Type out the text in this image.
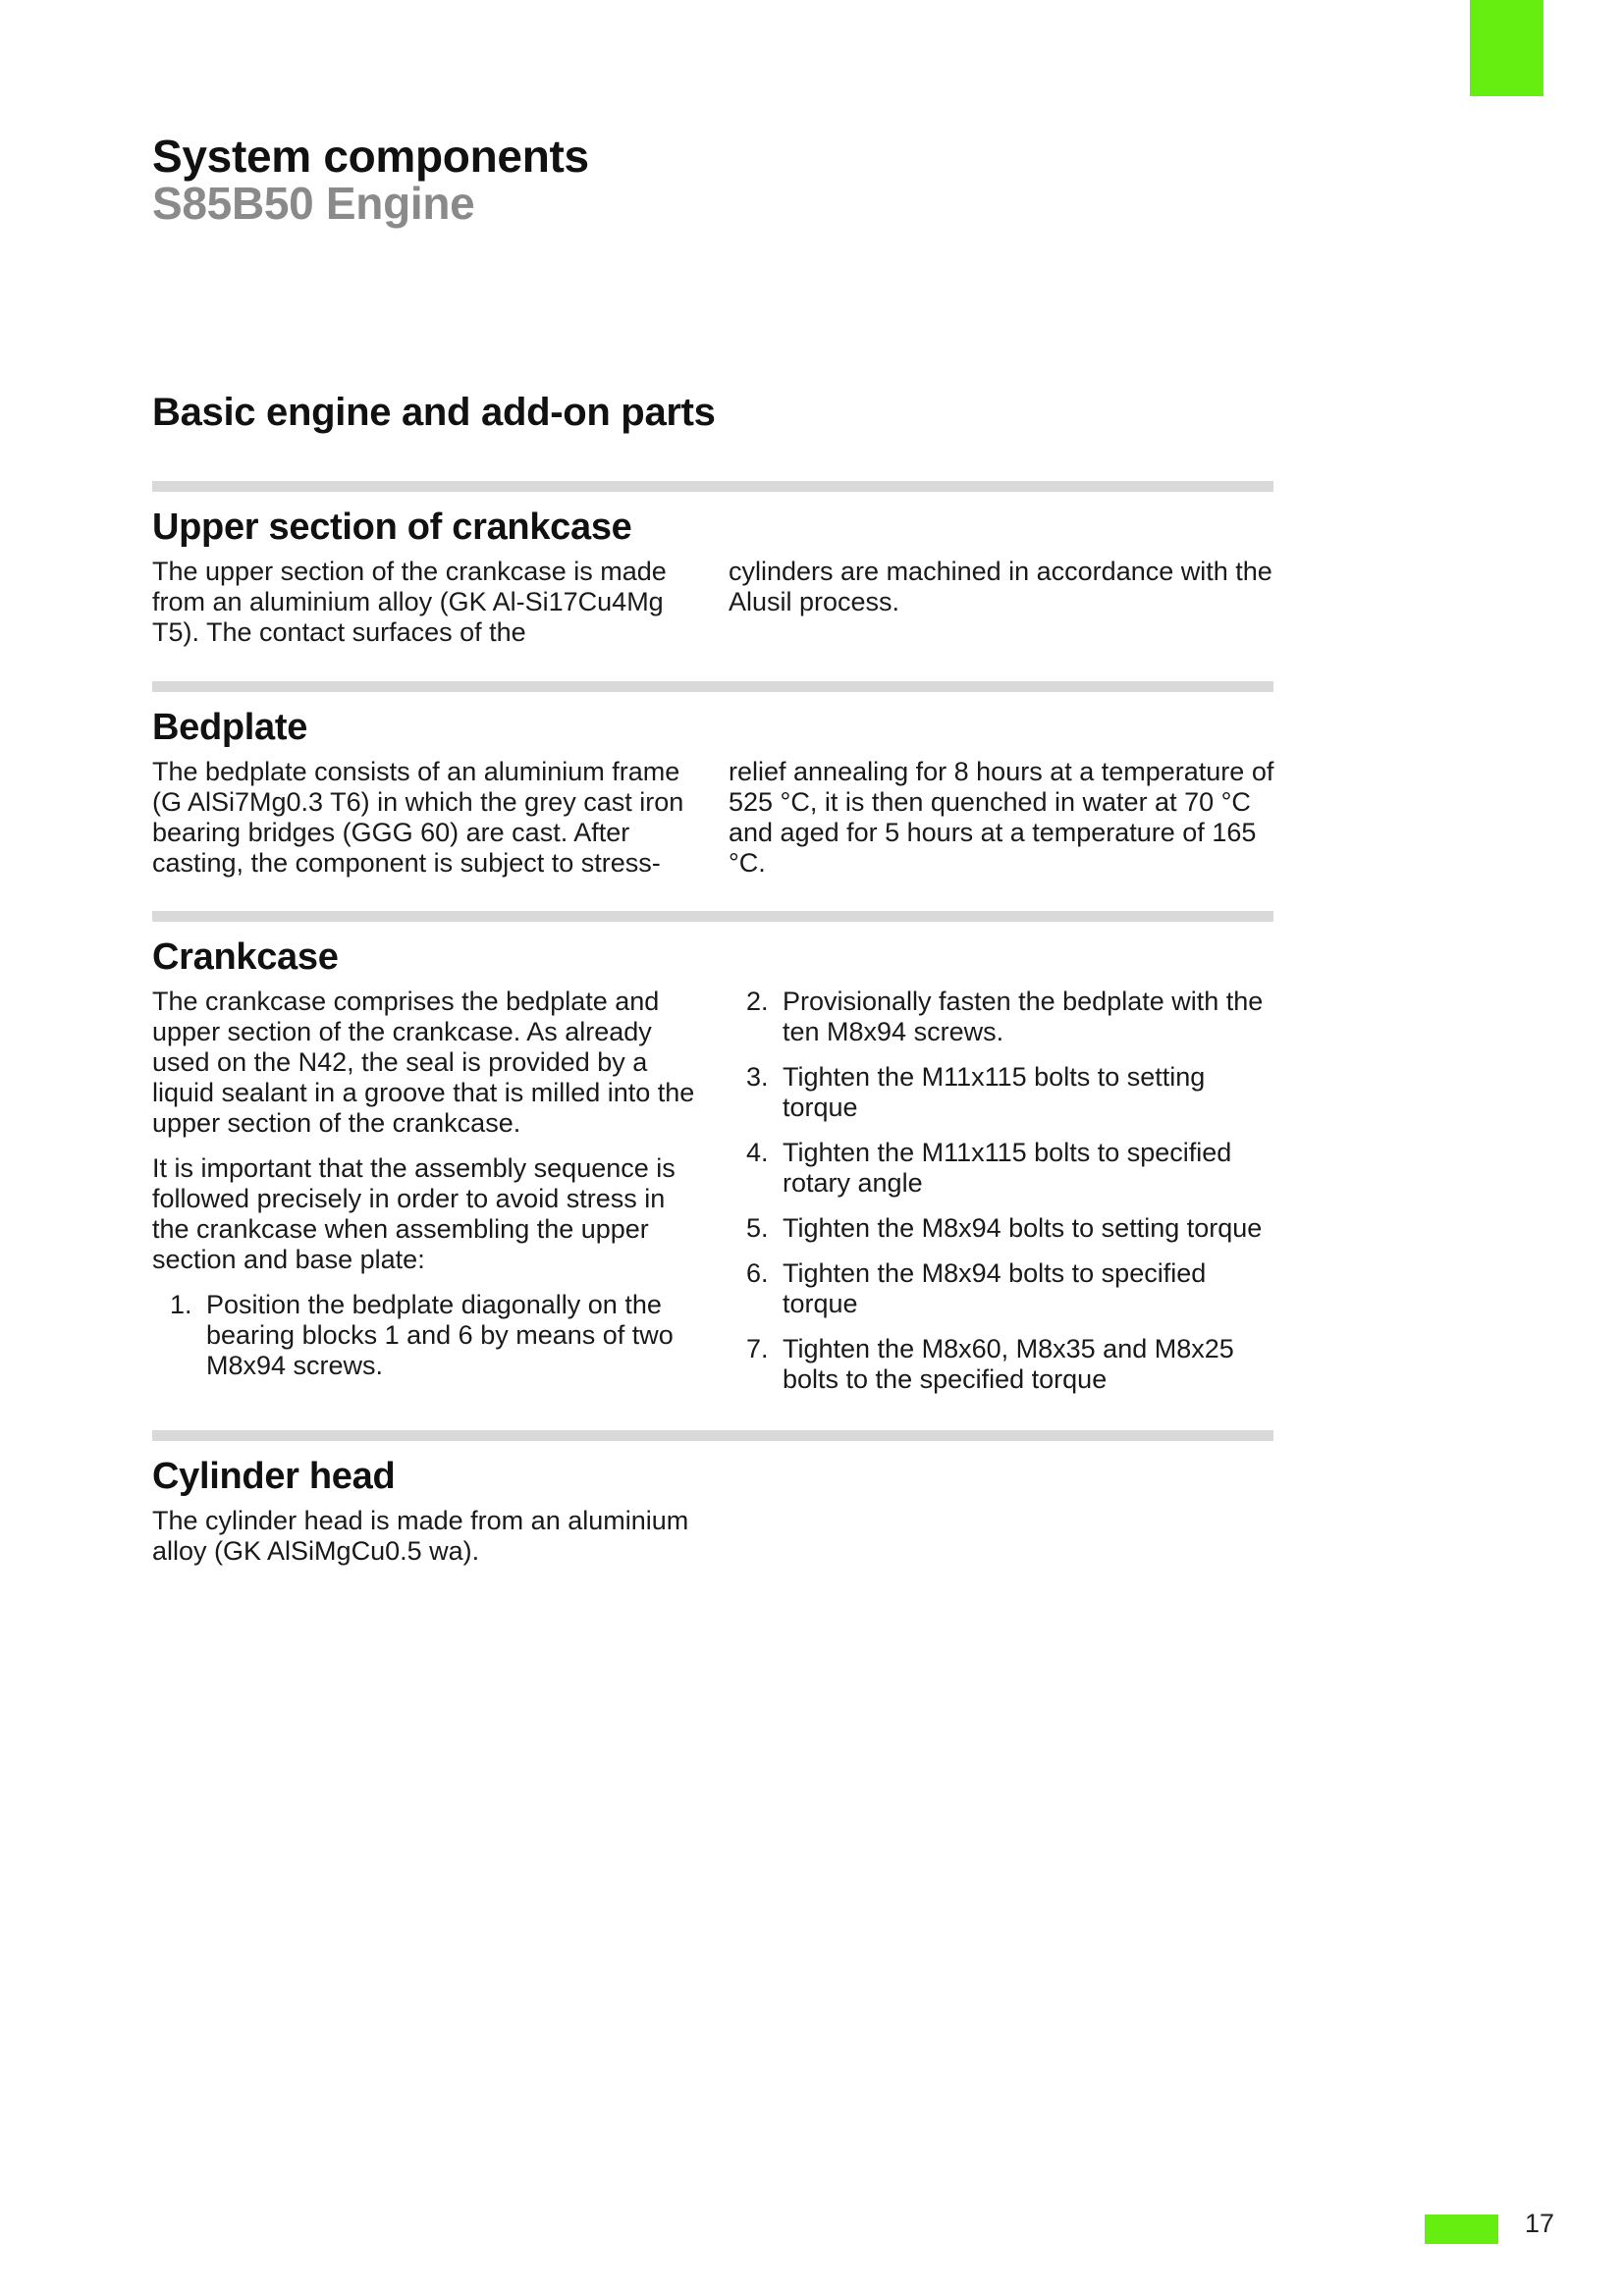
System components
S85B50 Engine
Basic engine and add-on parts
Upper section of crankcase

The upper section of the crankcase is made from an aluminium alloy (GK Al-Si17Cu4Mg T5). The contact surfaces of the

cylinders are machined in accordance with the Alusil process.

Bedplate

The bedplate consists of an aluminium frame (G AlSi7Mg0.3 T6) in which the grey cast iron bearing bridges (GGG 60) are cast. After casting, the component is subject to stress-

relief annealing for 8 hours at a temperature of 525 °C, it is then quenched in water at 70 °C and aged for 5 hours at a temperature of 165 °C.

Crankcase

The crankcase comprises the bedplate and upper section of the crankcase. As already used on the N42, the seal is provided by a liquid sealant in a groove that is milled into the upper section of the crankcase.

It is important that the assembly sequence is followed precisely in order to avoid stress in the crankcase when assembling the upper section and base plate:

1. Position the bedplate diagonally on the bearing blocks 1 and 6 by means of two M8x94 screws.
2. Provisionally fasten the bedplate with the ten M8x94 screws.
3. Tighten the M11x115 bolts to setting torque
4. Tighten the M11x115 bolts to specified rotary angle
5. Tighten the M8x94 bolts to setting torque
6. Tighten the M8x94 bolts to specified torque
7. Tighten the M8x60, M8x35 and M8x25 bolts to the specified torque
Cylinder head

The cylinder head is made from an aluminium alloy (GK AlSiMgCu0.5 wa).

17
